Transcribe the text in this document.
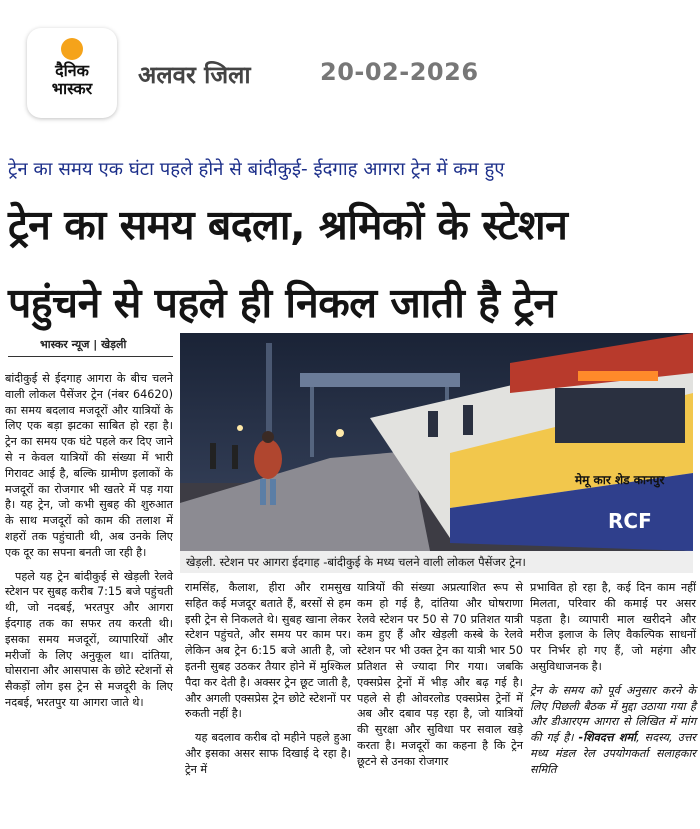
दैनिक
भास्कर	अलवर जिला	20-02-2026
ट्रेन का समय एक घंटा पहले होने से बांदीकुई- ईदगाह आगरा ट्रेन में कम हुए
ट्रेन का समय बदला, श्रमिकों के स्टेशन
पहुंचने से पहले ही निकल जाती है ट्रेन
भास्कर न्यूज | खेड़ली
मेमू कार शेड कानपुर
RCF
खेड़ली. स्टेशन पर आगरा ईदगाह -बांदीकुई के मध्य चलने वाली लोकल पैसेंजर ट्रेन।

बांदीकुई से ईदगाह आगरा के बीच चलने वाली लोकल पैसेंजर ट्रेन (नंबर 64620) का समय बदलाव मजदूरों और यात्रियों के लिए एक बड़ा झटका साबित हो रहा है। ट्रेन का समय एक घंटे पहले कर दिए जाने से न केवल यात्रियों की संख्या में भारी गिरावट आई है, बल्कि ग्रामीण इलाकों के मजदूरों का रोजगार भी खतरे में पड़ गया है। यह ट्रेन, जो कभी सुबह की शुरुआत के साथ मजदूरों को काम की तलाश में शहरों तक पहुंचाती थी, अब उनके लिए एक दूर का सपना बनती जा रही है।

पहले यह ट्रेन बांदीकुई से खेड़ली रेलवे स्टेशन पर सुबह करीब 7:15 बजे पहुंचती थी, जो नदबई, भरतपुर और आगरा ईदगाह तक का सफर तय करती थी। इसका समय मजदूरों, व्यापारियों और मरीजों के लिए अनुकूल था। दांतिया, घोसराना और आसपास के छोटे स्टेशनों से सैकड़ों लोग इस ट्रेन से मजदूरी के लिए नदबई, भरतपुर या आगरा जाते थे।

रामसिंह, कैलाश, हीरा और रामसुख सहित कई मजदूर बताते हैं, बरसों से हम इसी ट्रेन से निकलते थे। सुबह खाना लेकर स्टेशन पहुंचते, और समय पर काम पर। लेकिन अब ट्रेन 6:15 बजे आती है, जो इतनी सुबह उठकर तैयार होने में मुश्किल पैदा कर देती है। अक्सर ट्रेन छूट जाती है, और अगली एक्सप्रेस ट्रेन छोटे स्टेशनों पर रुकती नहीं है।

यह बदलाव करीब दो महीने पहले हुआ और इसका असर साफ दिखाई दे रहा है। ट्रेन में

यात्रियों की संख्या अप्रत्याशित रूप से कम हो गई है, दांतिया और घोषराणा रेलवे स्टेशन पर 50 से 70 प्रतिशत यात्री कम हुए हैं और खेड़ली कस्बे के रेलवे स्टेशन पर भी उक्त ट्रेन का यात्री भार 50 प्रतिशत से ज्यादा गिर गया। जबकि एक्सप्रेस ट्रेनों में भीड़ और बढ़ गई है। पहले से ही ओवरलोड एक्सप्रेस ट्रेनों में अब और दबाव पड़ रहा है, जो यात्रियों की सुरक्षा और सुविधा पर सवाल खड़े करता है। मजदूरों का कहना है कि ट्रेन छूटने से उनका रोजगार

प्रभावित हो रहा है, कई दिन काम नहीं मिलता, परिवार की कमाई पर असर पड़ता है। व्यापारी माल खरीदने और मरीज इलाज के लिए वैकल्पिक साधनों पर निर्भर हो गए हैं, जो महंगा और असुविधाजनक है।

ट्रेन के समय को पूर्व अनुसार करने के लिए पिछली बैठक में मुद्दा उठाया गया है और डीआरएम आगरा से लिखित में मांग की गई है। -शिवदत्त शर्मा, सदस्य, उत्तर मध्य मंडल रेल उपयोगकर्ता सलाहकार समिति
